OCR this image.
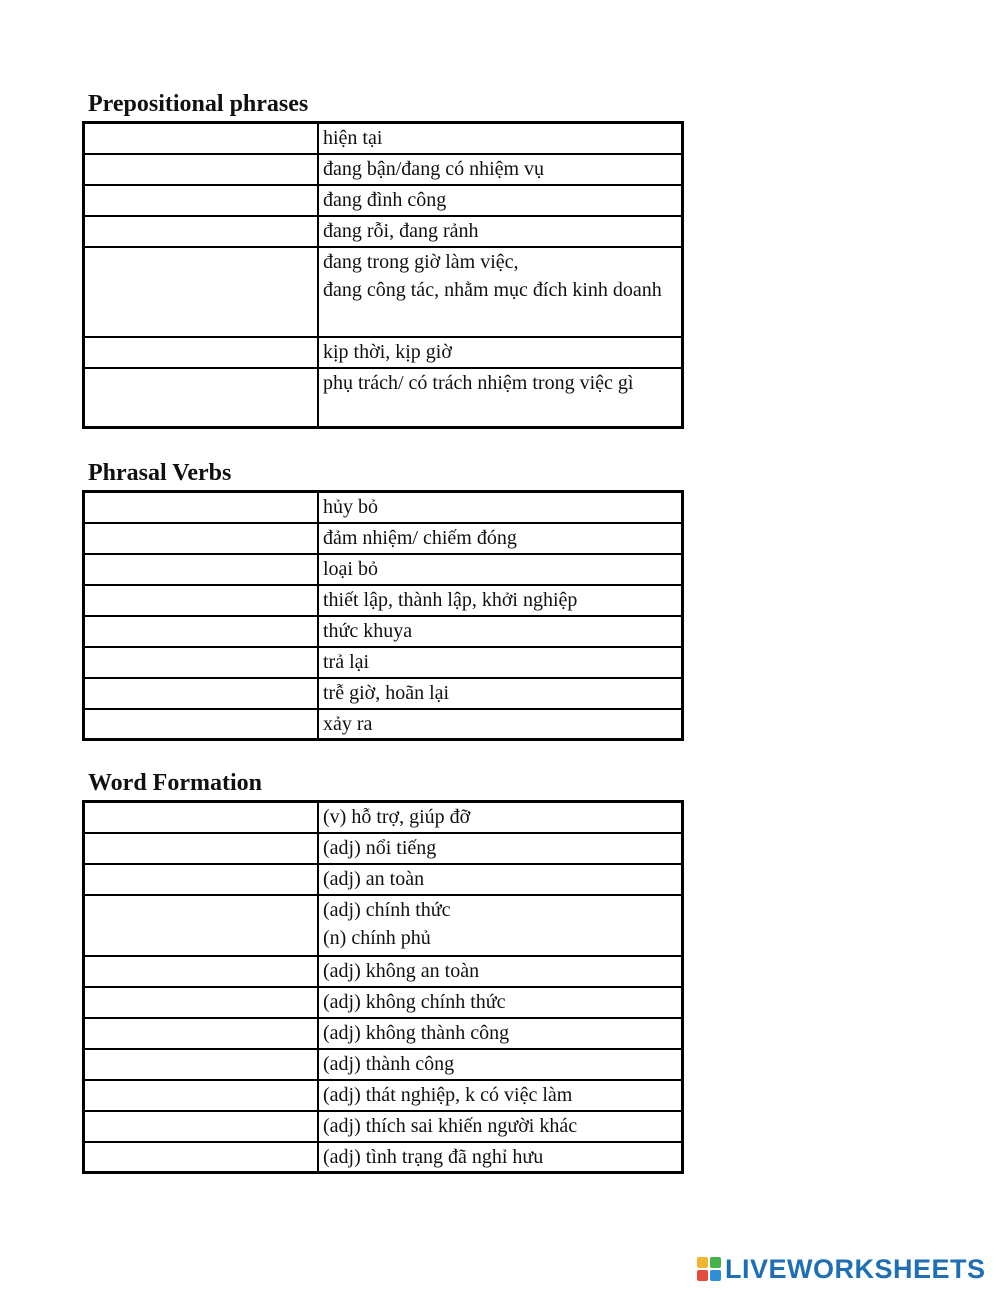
Prepositional phrases
	hiện tại
	đang bận/đang có nhiệm vụ
	đang đình công
	đang rỗi, đang rảnh
	đang trong giờ làm việc,
đang công tác, nhằm mục đích kinh doanh
	kịp thời, kịp giờ
	phụ trách/ có trách nhiệm trong việc gì
Phrasal Verbs
	hủy bỏ
	đảm nhiệm/ chiếm đóng
	loại bỏ
	thiết lập, thành lập, khởi nghiệp
	thức khuya
	trả lại
	trễ giờ, hoãn lại
	xảy ra
Word Formation
	(v) hỗ trợ, giúp đỡ
	(adj) nổi tiếng
	(adj) an toàn
	(adj) chính thức
(n) chính phủ
	(adj) không an toàn
	(adj) không chính thức
	(adj) không thành công
	(adj) thành công
	(adj) thát nghiệp, k có việc làm
	(adj) thích sai khiến người khác
	(adj) tình trạng đã nghỉ hưu
LIVEWORKSHEETS
